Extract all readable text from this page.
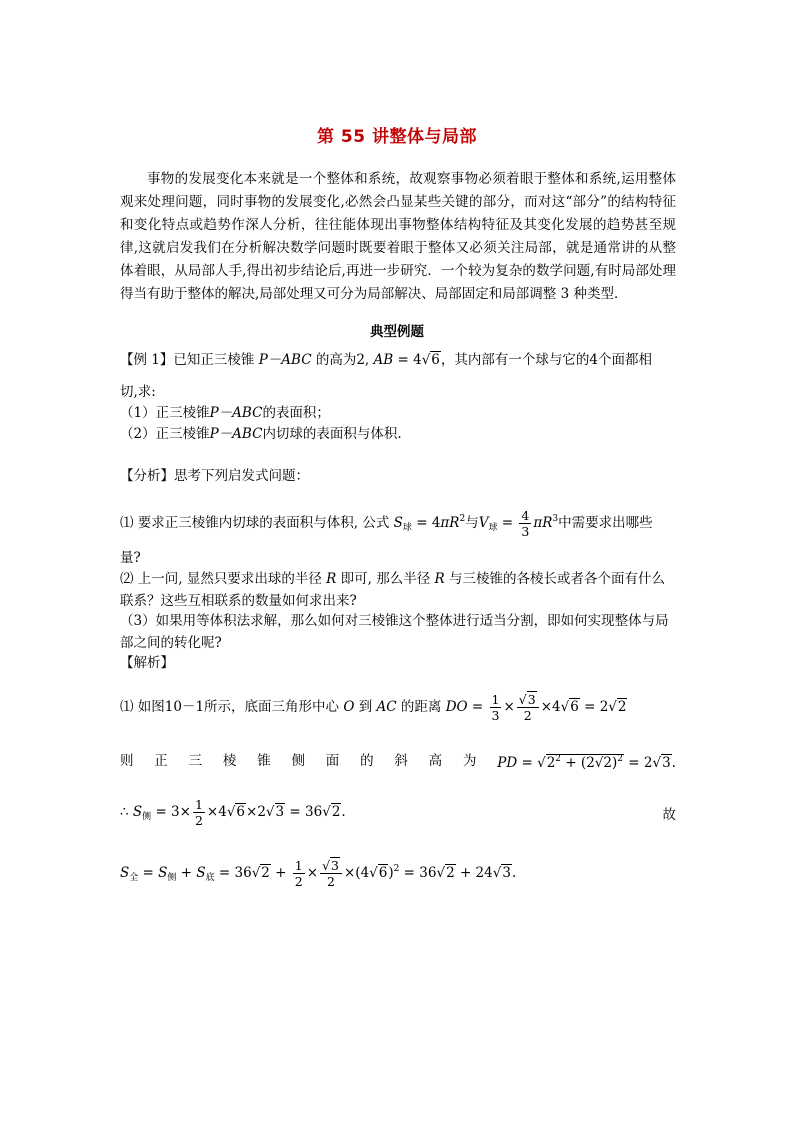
第 55 讲整体与局部

事物的发展变化本来就是一个整体和系统，故观察事物必须着眼于整体和系统,运用整体观来处理问题，同时事物的发展变化,必然会凸显某些关键的部分，而对这“部分”的结构特征和变化特点或趋势作深人分析，往往能体现出事物整体结构特征及其变化发展的趋势甚至规律,这就启发我们在分析解决数学问题时既要着眼于整体又必须关注局部，就是通常讲的从整体着眼，从局部人手,得出初步结论后,再进一步研究．一个较为复杂的数学问题,有时局部处理得当有助于整体的解决,局部处理又可分为局部解决、局部固定和局部调整 3 种类型．

典型例题
【例 1】已知正三棱锥 P－ABC 的高为2, AB = 4√6，其内部有一个球与它的4个面都相
切,求:
（1）正三棱锥P－ABC的表面积；
（2）正三棱锥P－ABC内切球的表面积与体积.
【分析】思考下列启发式问题：
⑴ 要求正三棱锥内切球的表面积与体积, 公式 $S_球 = 4\pi R^2$与$V_球 = \frac{4}{3} \pi R^3$中需要求出哪些
量?
⑵ 上一问, 显然只要求出球的半径 R 即可, 那么半径 R 与三棱锥的各棱长或者各个面有什么联系？这些互相联系的数量如何求出来?
（3）如果用等体积法求解，那么如何对三棱锥这个整体进行适当分割，即如何实现整体与局部之间的转化呢?
【解析】
⑴ 如图10－1所示，底面三角形中心 O 到 AC 的距离 DO = $\frac{1}{3} \times \frac{√3}{2} \times 4√6 = 2√2$
则 正 三 棱 锥 侧 面 的 斜 高 为 PD = $√2^2 + (2√2)^2 = 2√3$.
∴ $S_侧 = 3\times \frac{1}{2} \times 4√6\times 2√3 = 36√2$.	故
$S_全 = S_侧 + S_底 = 36√2 + \frac{1}{2} \times \frac{√3}{2} \times(4√6)^2 = 36√2 + 24√3$.
